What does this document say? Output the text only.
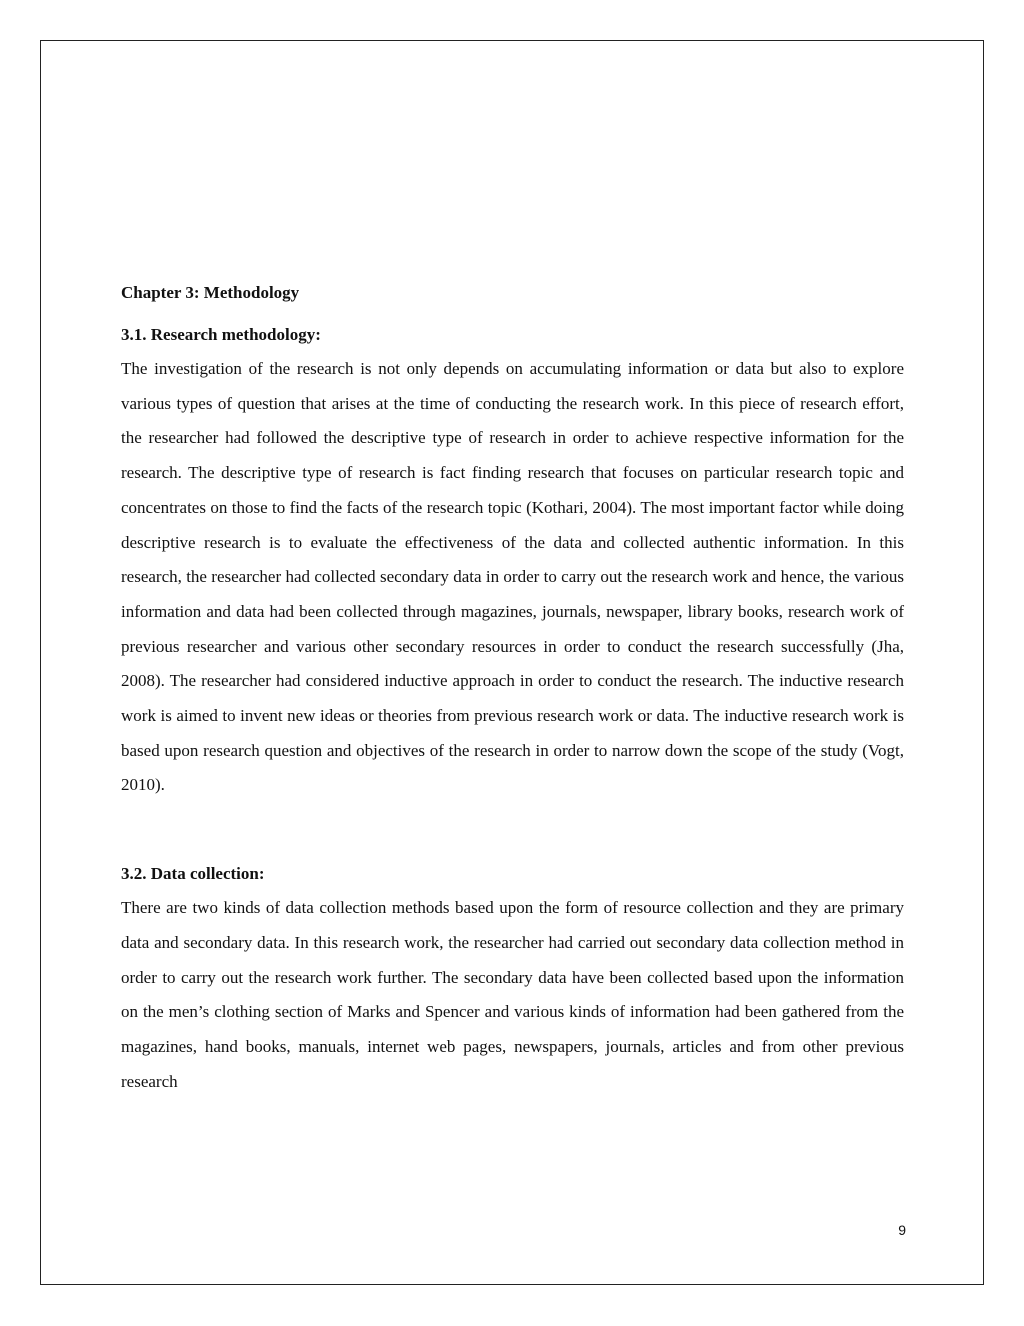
Chapter 3: Methodology
3.1. Research methodology:

The investigation of the research is not only depends on accumulating information or data but also to explore various types of question that arises at the time of conducting the research work. In this piece of research effort, the researcher had followed the descriptive type of research in order to achieve respective information for the research. The descriptive type of research is fact finding research that focuses on particular research topic and concentrates on those to find the facts of the research topic (Kothari, 2004). The most important factor while doing descriptive research is to evaluate the effectiveness of the data and collected authentic information. In this research, the researcher had collected secondary data in order to carry out the research work and hence, the various information and data had been collected through magazines, journals, newspaper, library books, research work of previous researcher and various other secondary resources in order to conduct the research successfully (Jha, 2008). The researcher had considered inductive approach in order to conduct the research. The inductive research work is aimed to invent new ideas or theories from previous research work or data. The inductive research work is based upon research question and objectives of the research in order to narrow down the scope of the study (Vogt, 2010).

3.2. Data collection:

There are two kinds of data collection methods based upon the form of resource collection and they are primary data and secondary data. In this research work, the researcher had carried out secondary data collection method in order to carry out the research work further. The secondary data have been collected based upon the information on the men’s clothing section of Marks and Spencer and various kinds of information had been gathered from the magazines, hand books, manuals, internet web pages, newspapers, journals, articles and from other previous research

9
